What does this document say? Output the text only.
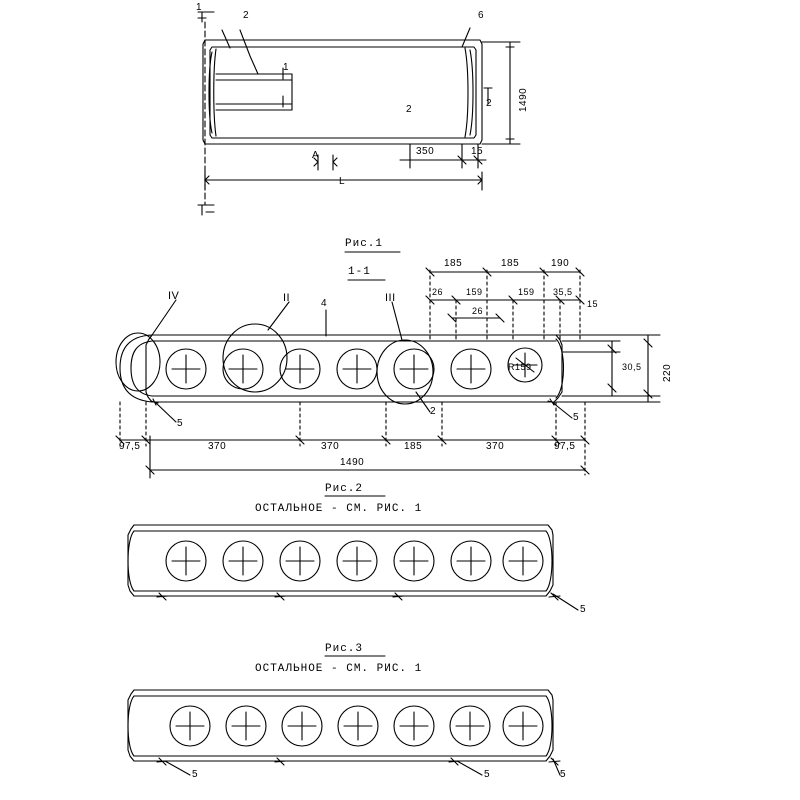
1
2	6
1
2
2	1490
350	15
A
L
Рис.1
1-1
IV	II	III
4
185	185	190
26	159	159 35,5
15
26
30,5 220
R159
5
5
2
97,5	370	370	185	370	97,5
1490
Рис.2
ОСТАЛЬНОЕ - СМ. РИС. 1
5
Рис.3
ОСТАЛЬНОЕ - СМ. РИС. 1
5	5	5
